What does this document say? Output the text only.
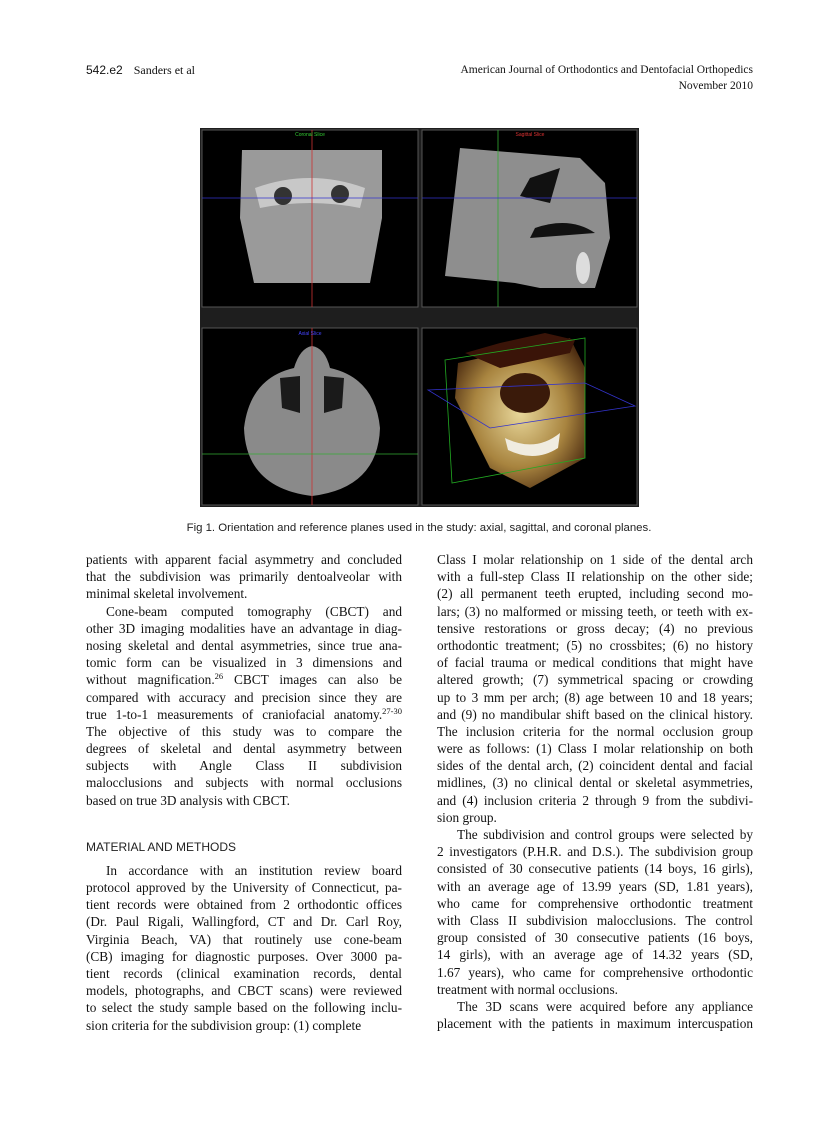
542.e2 Sanders et al	American Journal of Orthodontics and Dentofacial Orthopedics
November 2010
Coronal Slice	Sagittal Slice
Axial Slice
Fig 1. Orientation and reference planes used in the study: axial, sagittal, and coronal planes.
patients with apparent facial asymmetry and concluded
that the subdivision was primarily dentoalveolar with
minimal skeletal involvement.
Cone-beam computed tomography (CBCT) and
other 3D imaging modalities have an advantage in diag-
nosing skeletal and dental asymmetries, since true ana-
tomic form can be visualized in 3 dimensions and
without magnification.$^{26}$ CBCT images can also be
compared with accuracy and precision since they are
true 1-to-1 measurements of craniofacial anatomy.$^{27-30}$
The objective of this study was to compare the
degrees of skeletal and dental asymmetry between
subjects with Angle Class II subdivision
malocclusions and subjects with normal occlusions
based on true 3D analysis with CBCT.
MATERIAL AND METHODS
In accordance with an institution review board
protocol approved by the University of Connecticut, pa-
tient records were obtained from 2 orthodontic offices
(Dr. Paul Rigali, Wallingford, CT and Dr. Carl Roy,
Virginia Beach, VA) that routinely use cone-beam
(CB) imaging for diagnostic purposes. Over 3000 pa-
tient records (clinical examination records, dental
models, photographs, and CBCT scans) were reviewed
to select the study sample based on the following inclu-
sion criteria for the subdivision group: (1) complete
Class I molar relationship on 1 side of the dental arch
with a full-step Class II relationship on the other side;
(2) all permanent teeth erupted, including second mo-
lars; (3) no malformed or missing teeth, or teeth with ex-
tensive restorations or gross decay; (4) no previous
orthodontic treatment; (5) no crossbites; (6) no history
of facial trauma or medical conditions that might have
altered growth; (7) symmetrical spacing or crowding
up to 3 mm per arch; (8) age between 10 and 18 years;
and (9) no mandibular shift based on the clinical history.
The inclusion criteria for the normal occlusion group
were as follows: (1) Class I molar relationship on both
sides of the dental arch, (2) coincident dental and facial
midlines, (3) no clinical dental or skeletal asymmetries,
and (4) inclusion criteria 2 through 9 from the subdivi-
sion group.
The subdivision and control groups were selected by
2 investigators (P.H.R. and D.S.). The subdivision group
consisted of 30 consecutive patients (14 boys, 16 girls),
with an average age of 13.99 years (SD, 1.81 years),
who came for comprehensive orthodontic treatment
with Class II subdivision malocclusions. The control
group consisted of 30 consecutive patients (16 boys,
14 girls), with an average age of 14.32 years (SD,
1.67 years), who came for comprehensive orthodontic
treatment with normal occlusions.
The 3D scans were acquired before any appliance
placement with the patients in maximum intercuspation
